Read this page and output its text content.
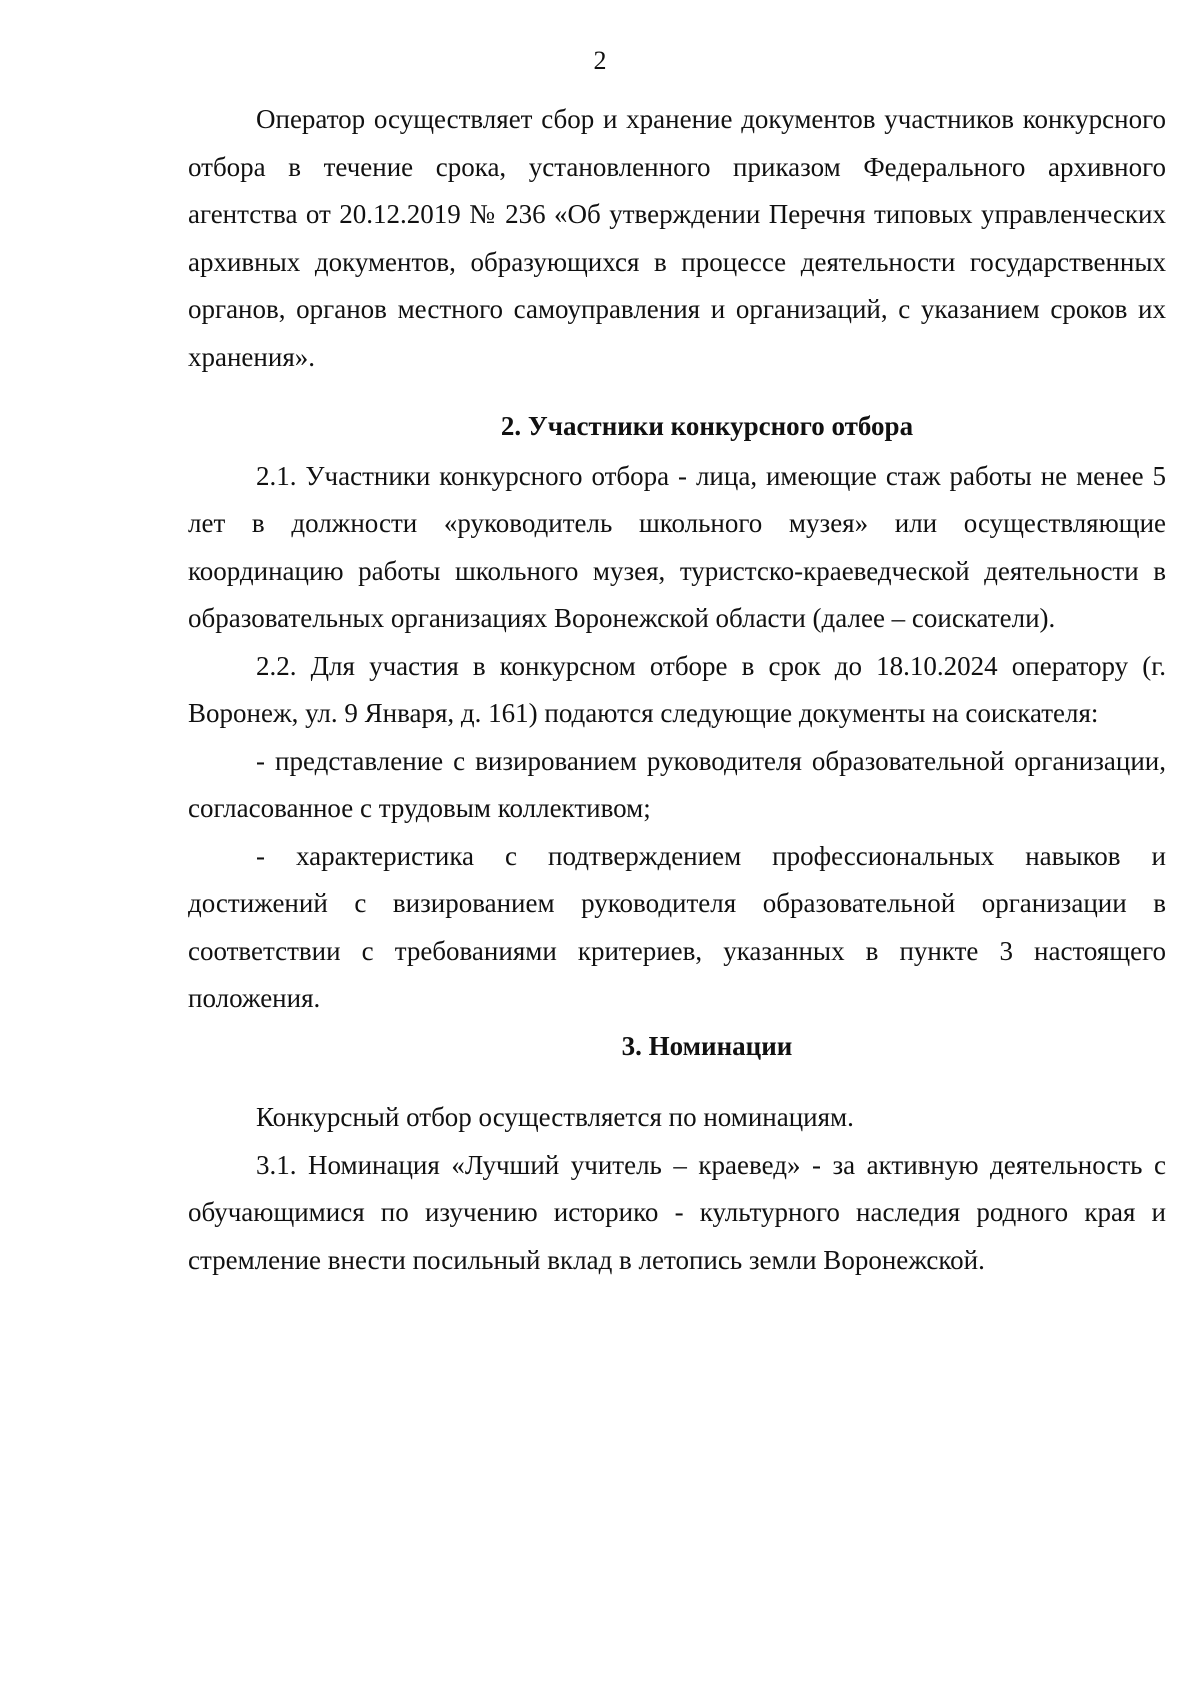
2

Оператор осуществляет сбор и хранение документов участников конкурсного отбора в течение срока, установленного приказом Федерального архивного агентства от 20.12.2019 № 236 «Об утверждении Перечня типовых управленческих архивных документов, образующихся в процессе деятельности государственных органов, органов местного самоуправления и организаций, с указанием сроков их хранения».

2. Участники конкурсного отбора

2.1. Участники конкурсного отбора - лица, имеющие стаж работы не менее 5 лет в должности «руководитель школьного музея» или осуществляющие координацию работы школьного музея, туристско-краеведческой деятельности в образовательных организациях Воронежской области (далее – соискатели).

2.2. Для участия в конкурсном отборе в срок до 18.10.2024 оператору (г. Воронеж, ул. 9 Января, д. 161) подаются следующие документы на соискателя:

- представление с визированием руководителя образовательной организации, согласованное с трудовым коллективом;

- характеристика с подтверждением профессиональных навыков и достижений с визированием руководителя образовательной организации в соответствии с требованиями критериев, указанных в пункте 3 настоящего положения.

3. Номинации

Конкурсный отбор осуществляется по номинациям.

3.1. Номинация «Лучший учитель – краевед» - за активную деятельность с обучающимися по изучению историко - культурного наследия родного края и стремление внести посильный вклад в летопись земли Воронежской.
